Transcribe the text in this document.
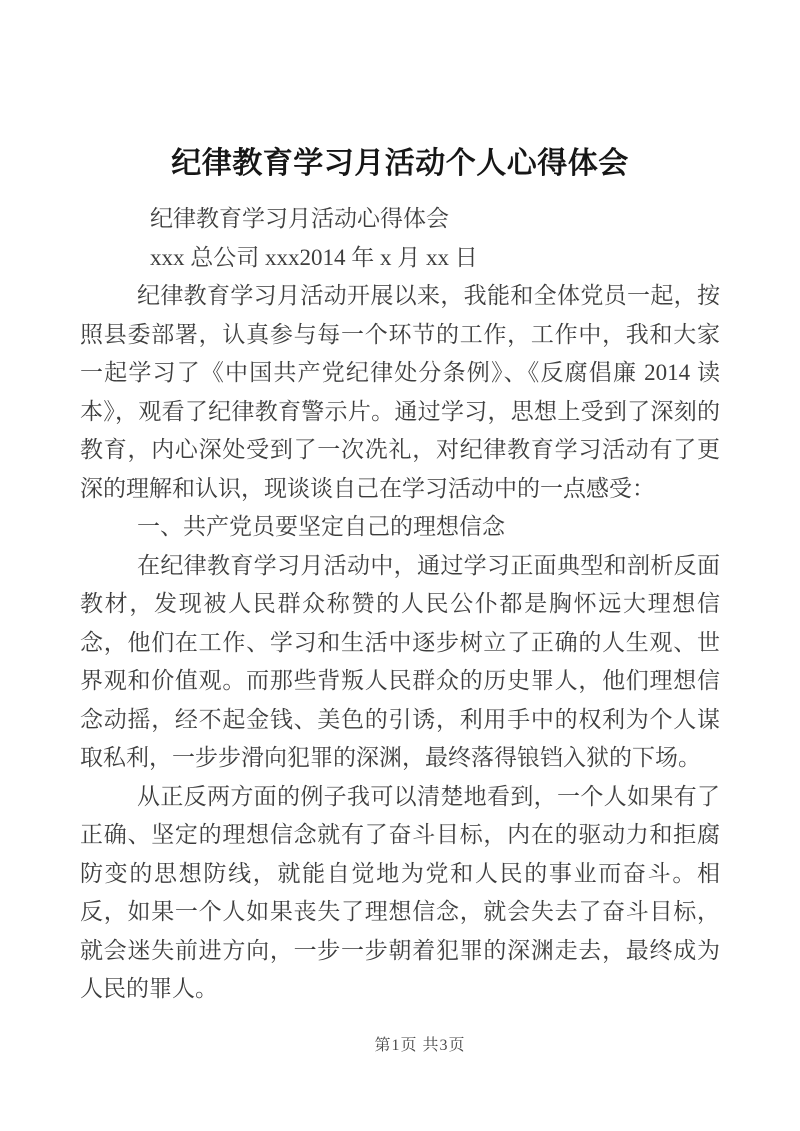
纪律教育学习月活动个人心得体会

纪律教育学习月活动心得体会

xxx 总公司 xxx2014 年 x 月 xx 日

纪律教育学习月活动开展以来，我能和全体党员一起，按照县委部署，认真参与每一个环节的工作，工作中，我和大家一起学习了《中国共产党纪律处分条例》、《反腐倡廉 2014 读本》，观看了纪律教育警示片。通过学习，思想上受到了深刻的教育，内心深处受到了一次冼礼，对纪律教育学习活动有了更深的理解和认识，现谈谈自己在学习活动中的一点感受：

一、共产党员要坚定自己的理想信念

在纪律教育学习月活动中，通过学习正面典型和剖析反面教材，发现被人民群众称赞的人民公仆都是胸怀远大理想信念，他们在工作、学习和生活中逐步树立了正确的人生观、世界观和价值观。而那些背叛人民群众的历史罪人，他们理想信念动摇，经不起金钱、美色的引诱，利用手中的权利为个人谋取私利，一步步滑向犯罪的深渊，最终落得锒铛入狱的下场。

从正反两方面的例子我可以清楚地看到，一个人如果有了正确、坚定的理想信念就有了奋斗目标，内在的驱动力和拒腐防变的思想防线，就能自觉地为党和人民的事业而奋斗。相反，如果一个人如果丧失了理想信念，就会失去了奋斗目标，就会迷失前进方向，一步一步朝着犯罪的深渊走去，最终成为人民的罪人。

第1页 共3页
